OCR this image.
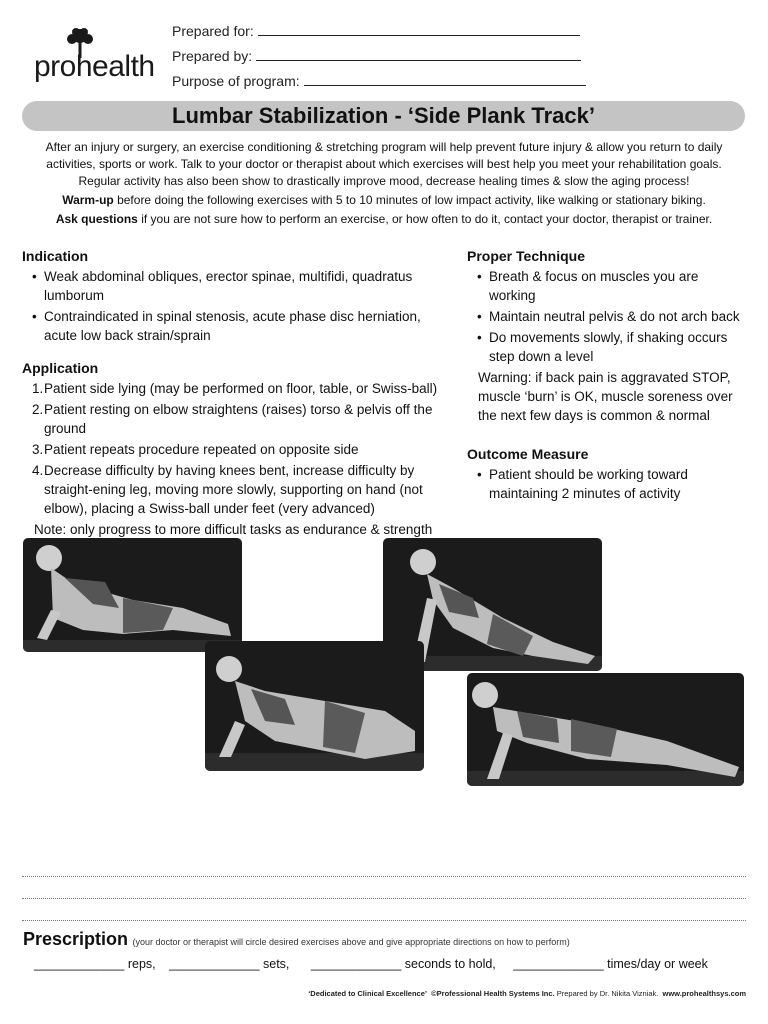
prohealth
Prepared for:
Prepared by:
Purpose of program:
Lumbar Stabilization - ‘Side Plank Track’

After an injury or surgery, an exercise conditioning & stretching program will help prevent future injury & allow you return to daily activities, sports or work. Talk to your doctor or therapist about which exercises will best help you meet your rehabilitation goals. Regular activity has also been show to drastically improve mood, decrease healing times & slow the aging process!

Warm-up before doing the following exercises with 5 to 10 minutes of low impact activity, like walking or stationary biking.

Ask questions if you are not sure how to perform an exercise, or how often to do it, contact your doctor, therapist or trainer.

Indication
• Weak abdominal obliques, erector spinae, multifidi, quadratus lumborum
• Contraindicated in spinal stenosis, acute phase disc herniation, acute low back strain/sprain
Application
1. Patient side lying (may be performed on floor, table, or Swiss-ball)
2. Patient resting on elbow straightens (raises) torso & pelvis off the ground
3. Patient repeats procedure repeated on opposite side
4. Decrease difficulty by having knees bent, increase difficulty by straight-ening leg, moving more slowly, supporting on hand (not elbow), placing a Swiss-ball under feet (very advanced)
Note: only progress to more difficult tasks as endurance & strength
Proper Technique
• Breath & focus on muscles you are working
• Maintain neutral pelvis & do not arch back
• Do movements slowly, if shaking occurs step down a level
Warning: if back pain is aggravated STOP, muscle ‘burn’ is OK, muscle soreness over the next few days is common & normal
Outcome Measure
• Patient should be working toward maintaining 2 minutes of activity
Prescription (your doctor or therapist will circle desired exercises above and give appropriate directions on how to perform)
_____________ reps, _____________ sets, _____________ seconds to hold, _____________ times/day or week
‘Dedicated to Clinical Excellence’ ©Professional Health Systems Inc. Prepared by Dr. Nikita Vizniak. www.prohealthsys.com
